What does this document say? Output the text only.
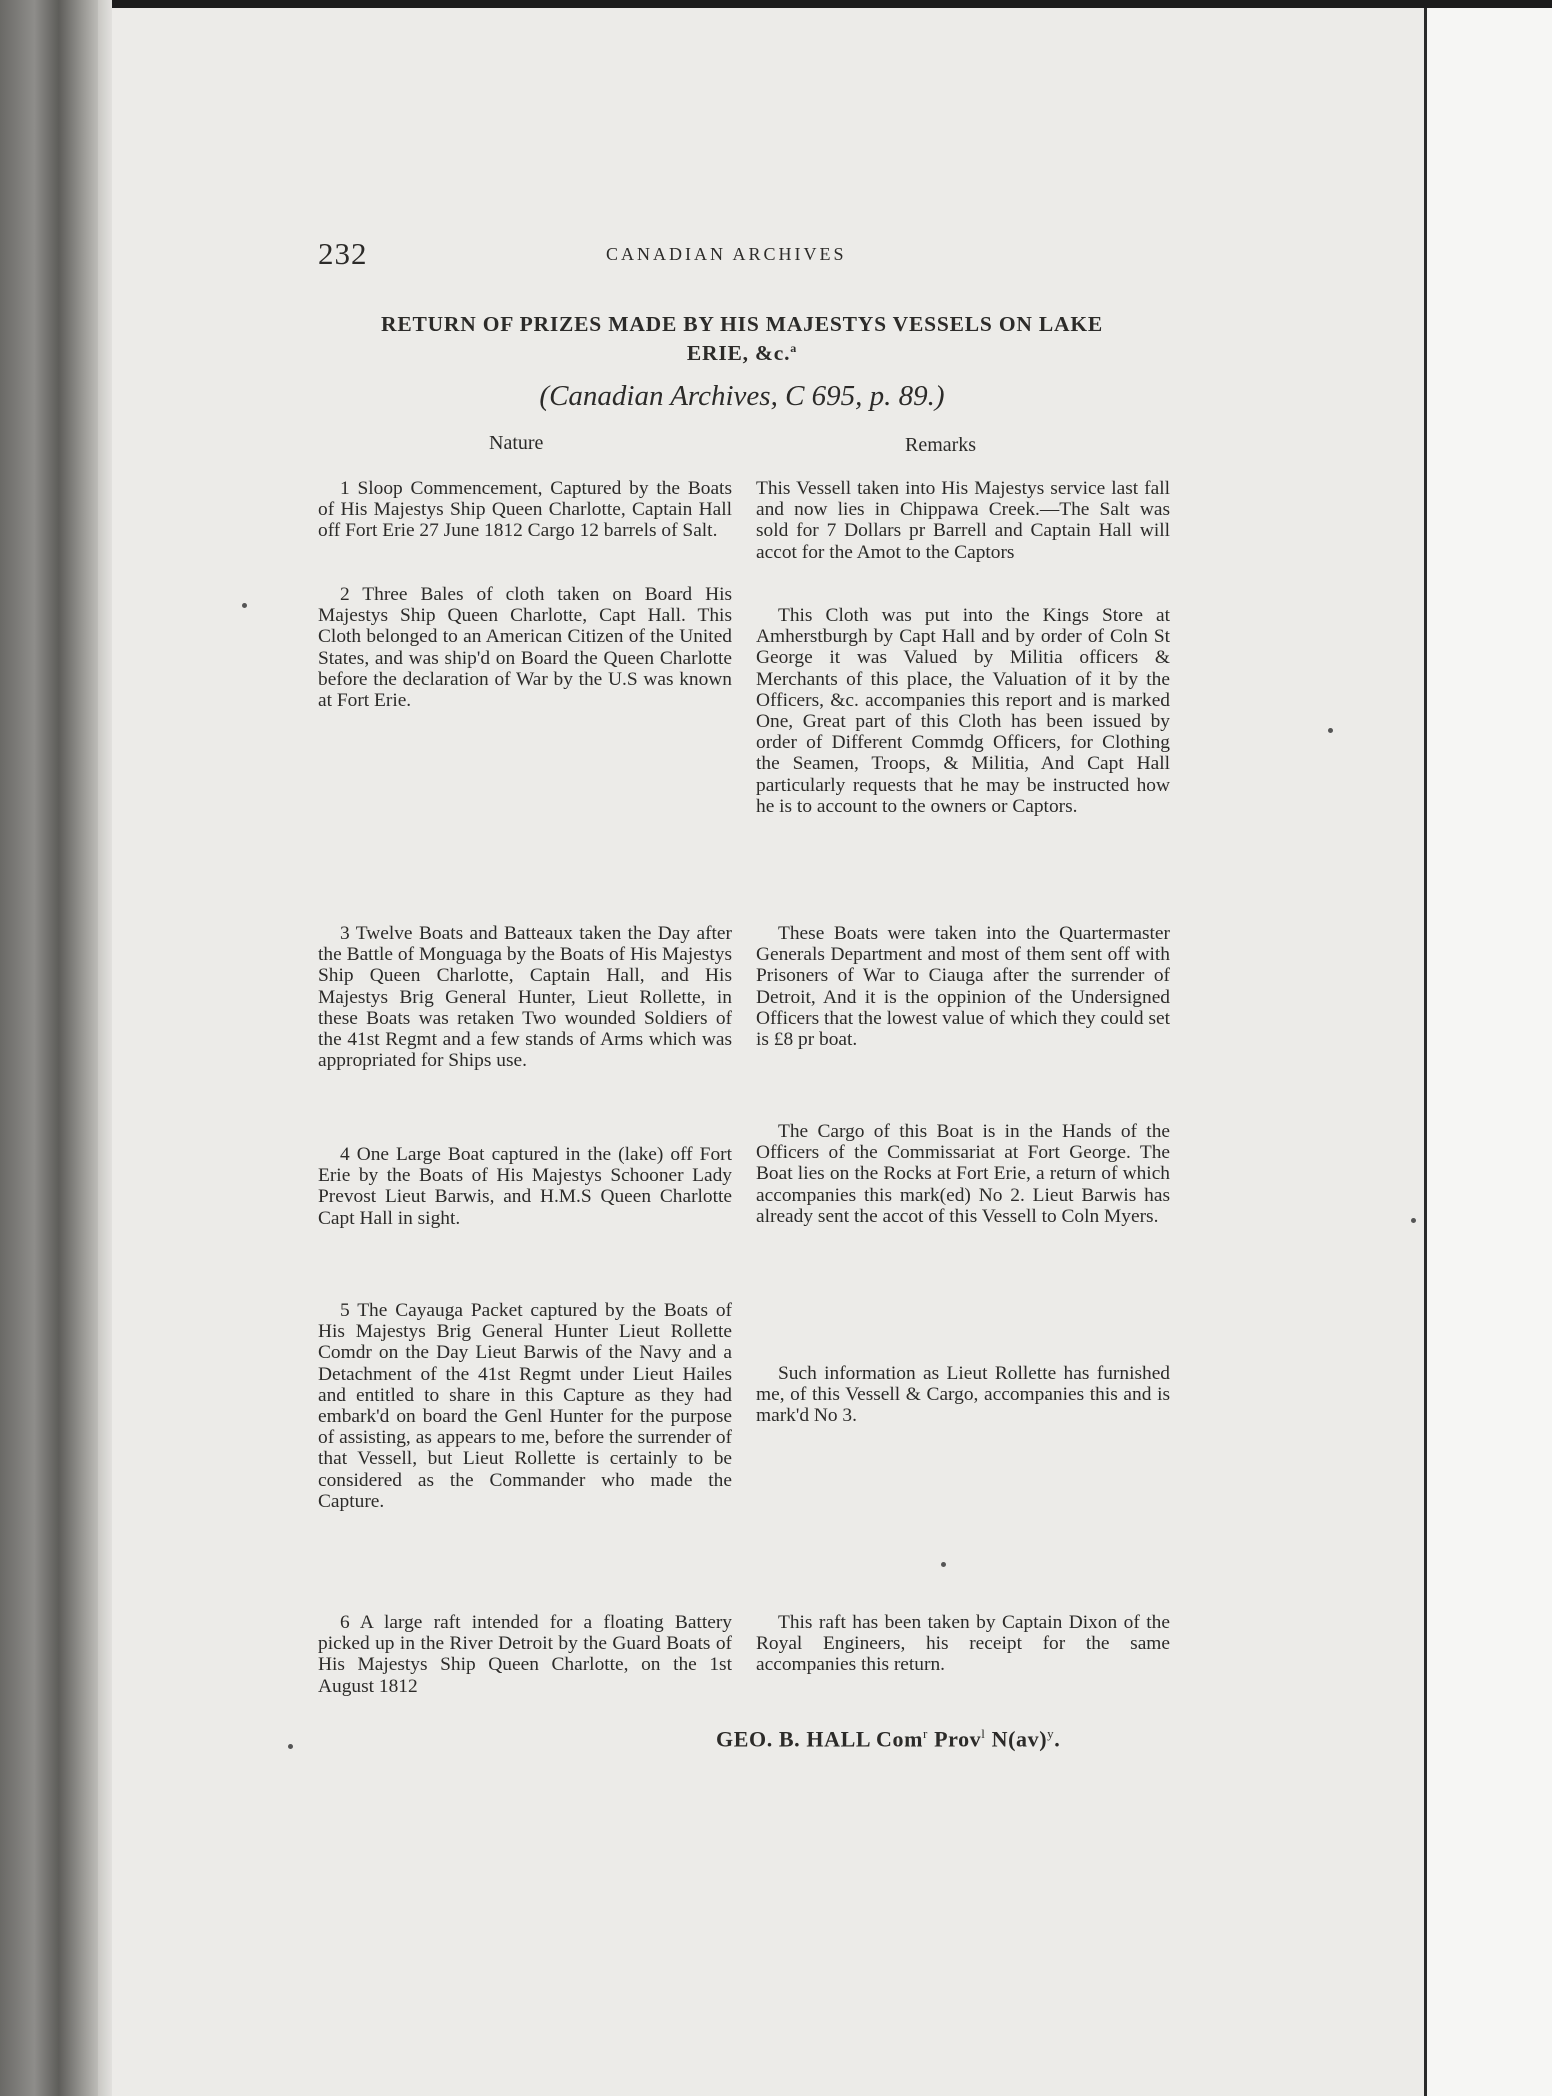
232	CANADIAN ARCHIVES
RETURN OF PRIZES MADE BY HIS MAJESTYS VESSELS ON LAKE
ERIE, &c.$^a$
(Canadian Archives, C 695, p. 89.)
Nature	Remarks

1 Sloop Commencement, Captured by the Boats of His Majestys Ship Queen Charlotte, Captain Hall off Fort Erie 27 June 1812 Cargo 12 barrels of Salt.

This Vessell taken into His Majestys service last fall and now lies in Chippawa Creek.—The Salt was sold for 7 Dollars pr Barrell and Captain Hall will accot for the Amot to the Captors

2 Three Bales of cloth taken on Board His Majestys Ship Queen Charlotte, Capt Hall. This Cloth belonged to an American Citizen of the United States, and was ship'd on Board the Queen Charlotte before the declaration of War by the U.S was known at Fort Erie.

This Cloth was put into the Kings Store at Amherstburgh by Capt Hall and by order of Coln St George it was Valued by Militia officers & Merchants of this place, the Valuation of it by the Officers, &c. accompanies this report and is marked One, Great part of this Cloth has been issued by order of Different Commdg Officers, for Clothing the Seamen, Troops, & Militia, And Capt Hall particularly requests that he may be instructed how he is to account to the owners or Captors.

3 Twelve Boats and Batteaux taken the Day after the Battle of Monguaga by the Boats of His Majestys Ship Queen Charlotte, Captain Hall, and His Majestys Brig General Hunter, Lieut Rollette, in these Boats was retaken Two wounded Soldiers of the 41st Regmt and a few stands of Arms which was appropriated for Ships use.

These Boats were taken into the Quartermaster Generals Department and most of them sent off with Prisoners of War to Ciauga after the surrender of Detroit, And it is the oppinion of the Undersigned Officers that the lowest value of which they could set is £8 pr boat.

4 One Large Boat captured in the (lake) off Fort Erie by the Boats of His Majestys Schooner Lady Prevost Lieut Barwis, and H.M.S Queen Charlotte Capt Hall in sight.

The Cargo of this Boat is in the Hands of the Officers of the Commissariat at Fort George. The Boat lies on the Rocks at Fort Erie, a return of which accompanies this mark(ed) No 2. Lieut Barwis has already sent the accot of this Vessell to Coln Myers.

5 The Cayauga Packet captured by the Boats of His Majestys Brig General Hunter Lieut Rollette Comdr on the Day Lieut Barwis of the Navy and a Detachment of the 41st Regmt under Lieut Hailes and entitled to share in this Capture as they had embark'd on board the Genl Hunter for the purpose of assisting, as appears to me, before the surrender of that Vessell, but Lieut Rollette is certainly to be considered as the Commander who made the Capture.

Such information as Lieut Rollette has furnished me, of this Vessell & Cargo, accompanies this and is mark'd No 3.

6 A large raft intended for a floating Battery picked up in the River Detroit by the Guard Boats of His Majestys Ship Queen Charlotte, on the 1st August 1812

This raft has been taken by Captain Dixon of the Royal Engineers, his receipt for the same accompanies this return.

GEO. B. HALL Com$^r$ Prov$^l$ N(av)$^y$.
